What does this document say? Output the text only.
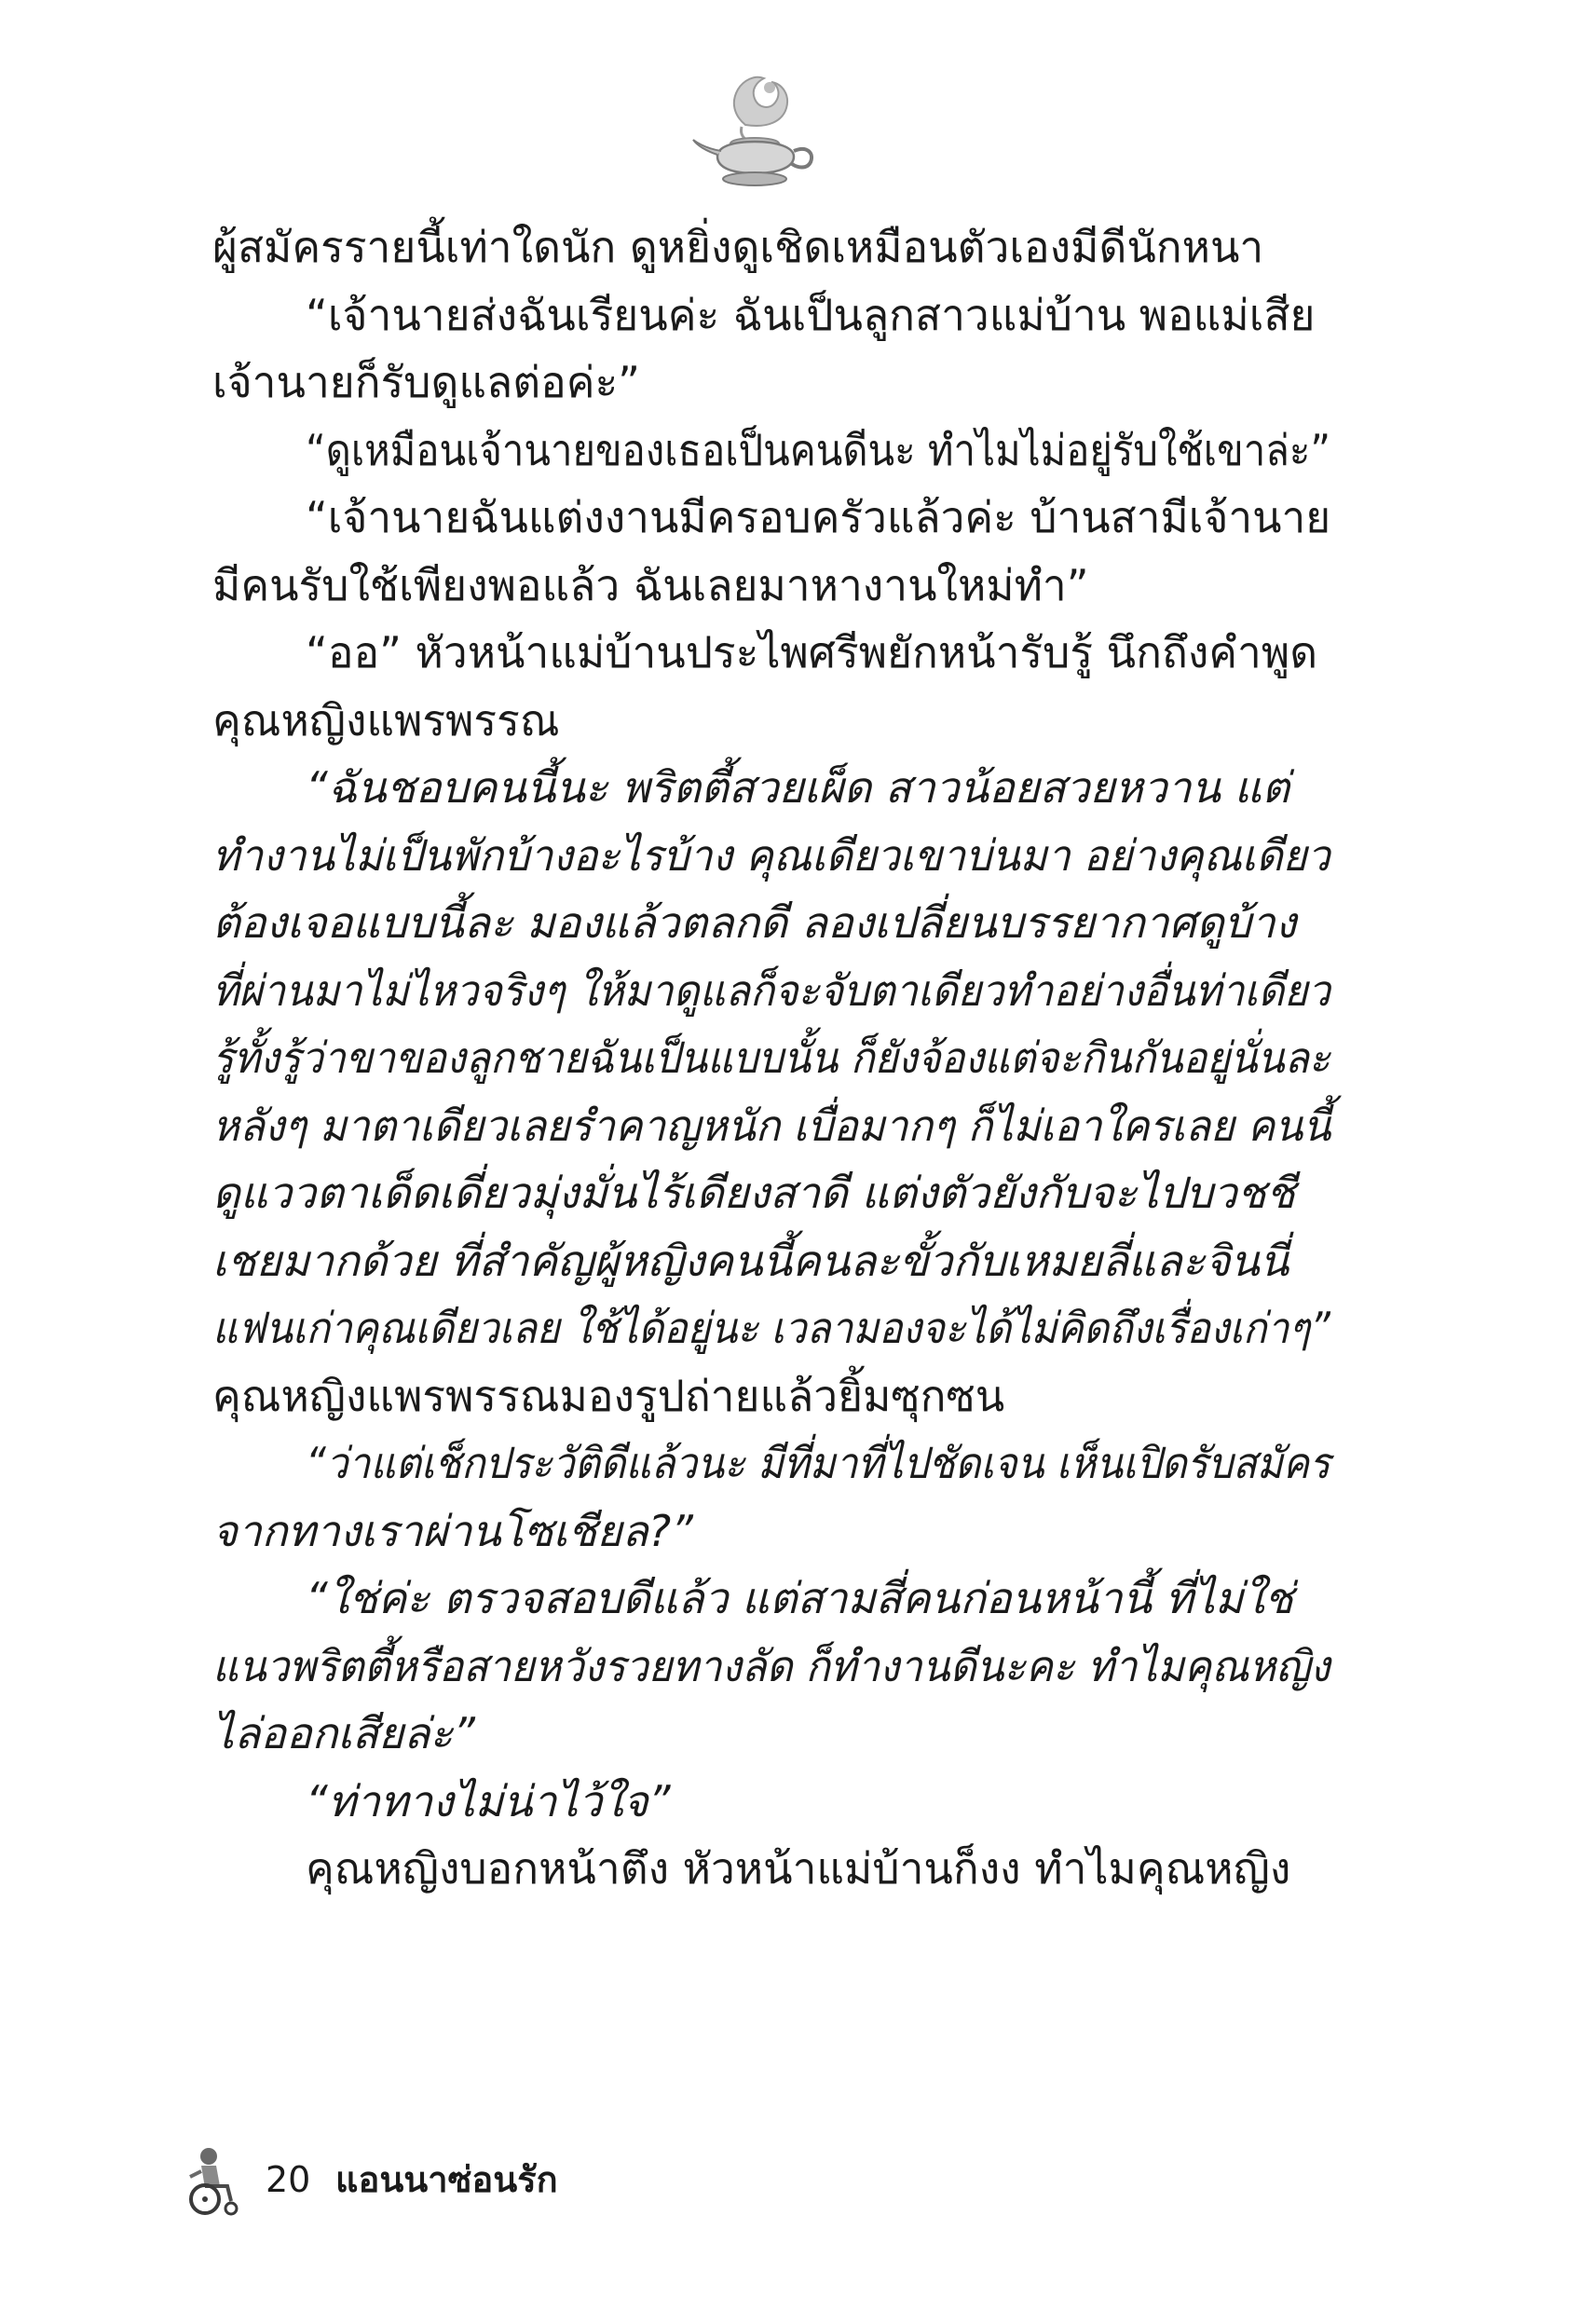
ผู้สมัครรายนี้เท่าใดนัก ดูหยิ่งดูเชิดเหมือนตัวเองมีดีนักหนา
“เจ้านายส่งฉันเรียนค่ะ ฉันเป็นลูกสาวแม่บ้าน พอแม่เสีย
เจ้านายก็รับดูแลต่อค่ะ”
“ดูเหมือนเจ้านายของเธอเป็นคนดีนะ ทำไมไม่อยู่รับใช้เขาล่ะ”
“เจ้านายฉันแต่งงานมีครอบครัวแล้วค่ะ บ้านสามีเจ้านาย
มีคนรับใช้เพียงพอแล้ว ฉันเลยมาหางานใหม่ทำ”
“ออ” หัวหน้าแม่บ้านประไพศรีพยักหน้ารับรู้ นึกถึงคำพูด
คุณหญิงแพรพรรณ
“ฉันชอบคนนี้นะ พริตตี้สวยเผ็ด สาวน้อยสวยหวาน แต่
ทำงานไม่เป็นพักบ้างอะไรบ้าง คุณเดียวเขาบ่นมา อย่างคุณเดียว
ต้องเจอแบบนี้ละ มองแล้วตลกดี ลองเปลี่ยนบรรยากาศดูบ้าง
ที่ผ่านมาไม่ไหวจริงๆ ให้มาดูแลก็จะจับตาเดียวทำอย่างอื่นท่าเดียว
รู้ทั้งรู้ว่าขาของลูกชายฉันเป็นแบบนั้น ก็ยังจ้องแต่จะกินกันอยู่นั่นละ
หลังๆ มาตาเดียวเลยรำคาญหนัก เบื่อมากๆ ก็ไม่เอาใครเลย คนนี้
ดูแววตาเด็ดเดี่ยวมุ่งมั่นไร้เดียงสาดี แต่งตัวยังกับจะไปบวชชี
เชยมากด้วย ที่สำคัญผู้หญิงคนนี้คนละขั้วกับเหมยลี่และจินนี่
แฟนเก่าคุณเดียวเลย ใช้ได้อยู่นะ เวลามองจะได้ไม่คิดถึงเรื่องเก่าๆ”
คุณหญิงแพรพรรณมองรูปถ่ายแล้วยิ้มซุกซน
“ว่าแต่เช็กประวัติดีแล้วนะ มีที่มาที่ไปชัดเจน เห็นเปิดรับสมัคร
จากทางเราผ่านโซเชียล?”
“ใช่ค่ะ ตรวจสอบดีแล้ว แต่สามสี่คนก่อนหน้านี้ ที่ไม่ใช่
แนวพริตตี้หรือสายหวังรวยทางลัด ก็ทำงานดีนะคะ ทำไมคุณหญิง
ไล่ออกเสียล่ะ”
“ท่าทางไม่น่าไว้ใจ”
คุณหญิงบอกหน้าตึง หัวหน้าแม่บ้านก็งง ทำไมคุณหญิง
20 แอนนาซ่อนรัก
